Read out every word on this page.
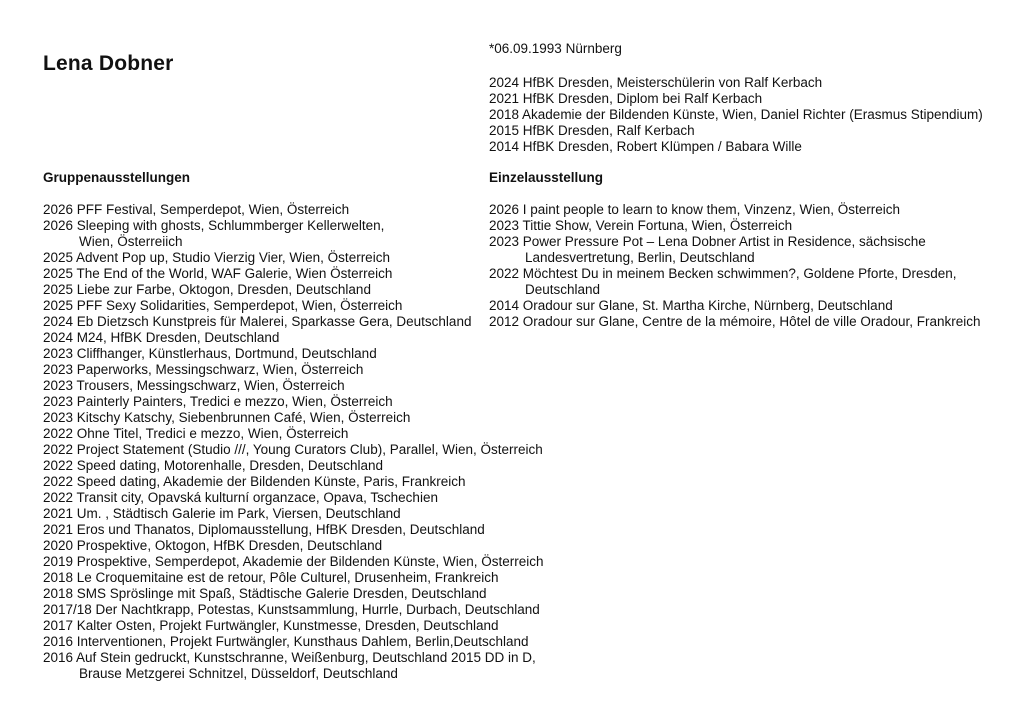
Lena Dobner
*06.09.1993 Nürnberg
2024 HfBK Dresden, Meisterschülerin von Ralf Kerbach
2021 HfBK Dresden, Diplom bei Ralf Kerbach
2018 Akademie der Bildenden Künste, Wien, Daniel Richter (Erasmus Stipendium)
2015 HfBK Dresden, Ralf Kerbach
2014 HfBK Dresden, Robert Klümpen / Babara Wille
Gruppenausstellungen	Einzelausstellung
2026 PFF Festival, Semperdepot, Wien, Österreich
2026 Sleeping with ghosts, Schlummberger Kellerwelten,
Wien, Österreiich
2025 Advent Pop up, Studio Vierzig Vier, Wien, Österreich
2025 The End of the World, WAF Galerie, Wien Österreich
2025 Liebe zur Farbe, Oktogon, Dresden, Deutschland
2025 PFF Sexy Solidarities, Semperdepot, Wien, Österreich
2024 Eb Dietzsch Kunstpreis für Malerei, Sparkasse Gera, Deutschland
2024 M24, HfBK Dresden, Deutschland
2023 Cliffhanger, Künstlerhaus, Dortmund, Deutschland
2023 Paperworks, Messingschwarz, Wien, Österreich
2023 Trousers, Messingschwarz, Wien, Österreich
2023 Painterly Painters, Tredici e mezzo, Wien, Österreich
2023 Kitschy Katschy, Siebenbrunnen Café, Wien, Österreich
2022 Ohne Titel, Tredici e mezzo, Wien, Österreich
2022 Project Statement (Studio ///, Young Curators Club), Parallel, Wien, Österreich
2022 Speed dating, Motorenhalle, Dresden, Deutschland
2022 Speed dating, Akademie der Bildenden Künste, Paris, Frankreich
2022 Transit city, Opavská kulturní organzace, Opava, Tschechien
2021 Um. , Städtisch Galerie im Park, Viersen, Deutschland
2021 Eros und Thanatos, Diplomausstellung, HfBK Dresden, Deutschland
2020 Prospektive, Oktogon, HfBK Dresden, Deutschland
2019 Prospektive, Semperdepot, Akademie der Bildenden Künste, Wien, Österreich
2018 Le Croquemitaine est de retour, Pôle Culturel, Drusenheim, Frankreich
2018 SMS Spröslinge mit Spaß, Städtische Galerie Dresden, Deutschland
2017/18 Der Nachtkrapp, Potestas, Kunstsammlung, Hurrle, Durbach, Deutschland
2017 Kalter Osten, Projekt Furtwängler, Kunstmesse, Dresden, Deutschland
2016 Interventionen, Projekt Furtwängler, Kunsthaus Dahlem, Berlin,Deutschland
2016 Auf Stein gedruckt, Kunstschranne, Weißenburg, Deutschland 2015 DD in D,
Brause Metzgerei Schnitzel, Düsseldorf, Deutschland
2026 I paint people to learn to know them, Vinzenz, Wien, Österreich
2023 Tittie Show, Verein Fortuna, Wien, Österreich
2023 Power Pressure Pot – Lena Dobner Artist in Residence, sächsische
Landesvertretung, Berlin, Deutschland
2022 Möchtest Du in meinem Becken schwimmen?, Goldene Pforte, Dresden,
Deutschland
2014 Oradour sur Glane, St. Martha Kirche, Nürnberg, Deutschland
2012 Oradour sur Glane, Centre de la mémoire, Hôtel de ville Oradour, Frankreich
